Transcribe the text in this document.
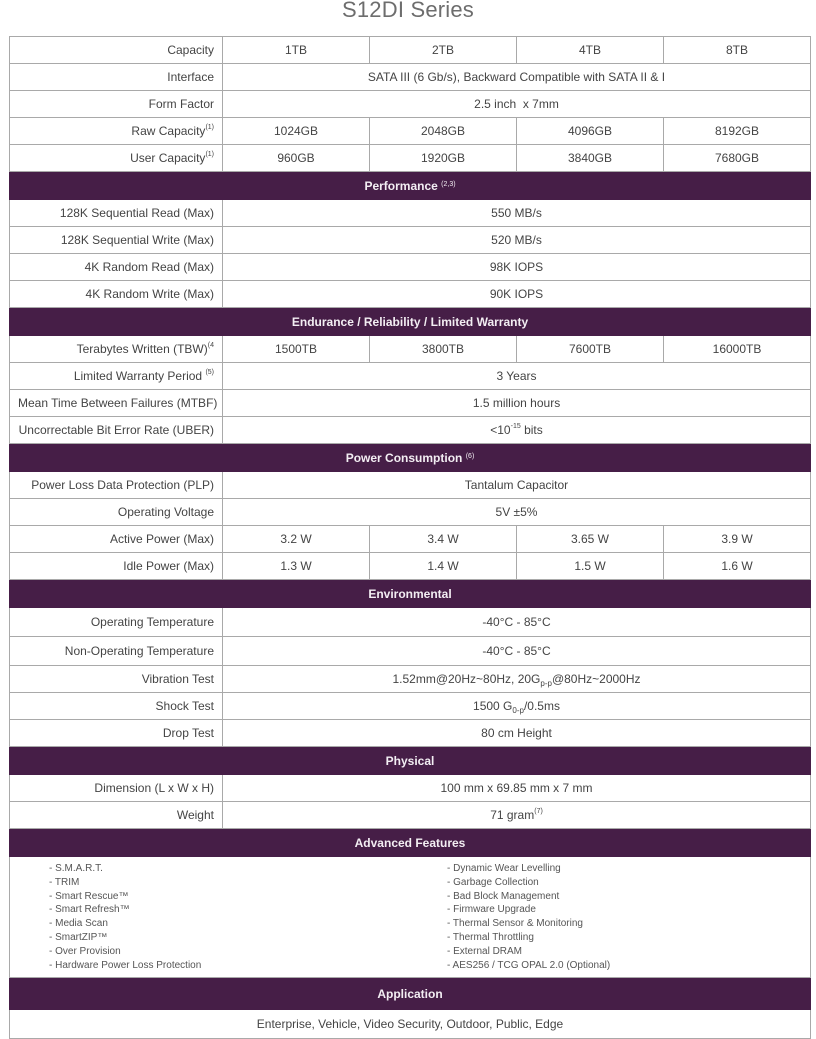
S12DI Series
Capacity	1TB	2TB	4TB	8TB
Interface	SATA III (6 Gb/s), Backward Compatible with SATA II & I			
Form Factor	2.5 inch  x 7mm			
Raw Capacity$^{(1)}$	1024GB	2048GB	4096GB	8192GB
User Capacity$^{(1)}$	960GB	1920GB	3840GB	7680GB
Performance $^{(2,3)}$
128K Sequential Read (Max)	550 MB/s			
128K Sequential Write (Max)	520 MB/s			
4K Random Read (Max)	98K IOPS			
4K Random Write (Max)	90K IOPS			
Endurance / Reliability / Limited Warranty				
Terabytes Written (TBW)$^{(4}$	1500TB	3800TB	7600TB	16000TB
Limited Warranty Period $^{(5)}$	3 Years			
Mean Time Between Failures (MTBF)	1.5 million hours			
Uncorrectable Bit Error Rate (UBER)	$<10^{-15}$ bits			
Power Consumption $^{(6)}$
Power Loss Data Protection (PLP)	Tantalum Capacitor			
Operating Voltage	5V ±5%			
Active Power (Max)	3.2 W	3.4 W	3.65 W	3.9 W
Idle Power (Max)	1.3 W	1.4 W	1.5 W	1.6 W
Environmental				
Operating Temperature	-40°C - 85°C			
Non-Operating Temperature	-40°C - 85°C			
Vibration Test	1.52mm@20Hz~80Hz, $20G_{p-p}@80Hz\sim 2000Hz$			
Shock Test	1500 $G_{0-p}/0.5ms$			
Drop Test	80 cm Height			
Physical				
Dimension (L x W x H)	100 mm x 69.85 mm x 7 mm			
Weight	71 gram$^{(7)}$
Advanced Features				

- S.M.A.R.T.
- TRIM
- Smart Rescue™
- Smart Refresh™
- Media Scan
- SmartZIP™
- Over Provision
- Hardware Power Loss Protection
- Dynamic Wear Levelling
- Garbage Collection
- Bad Block Management
- Firmware Upgrade
- Thermal Sensor & Monitoring
- Thermal Throttling
- External DRAM
- AES256 / TCG OPAL 2.0 (Optional)

Application				
Enterprise, Vehicle, Video Security, Outdoor, Public, Edge				
